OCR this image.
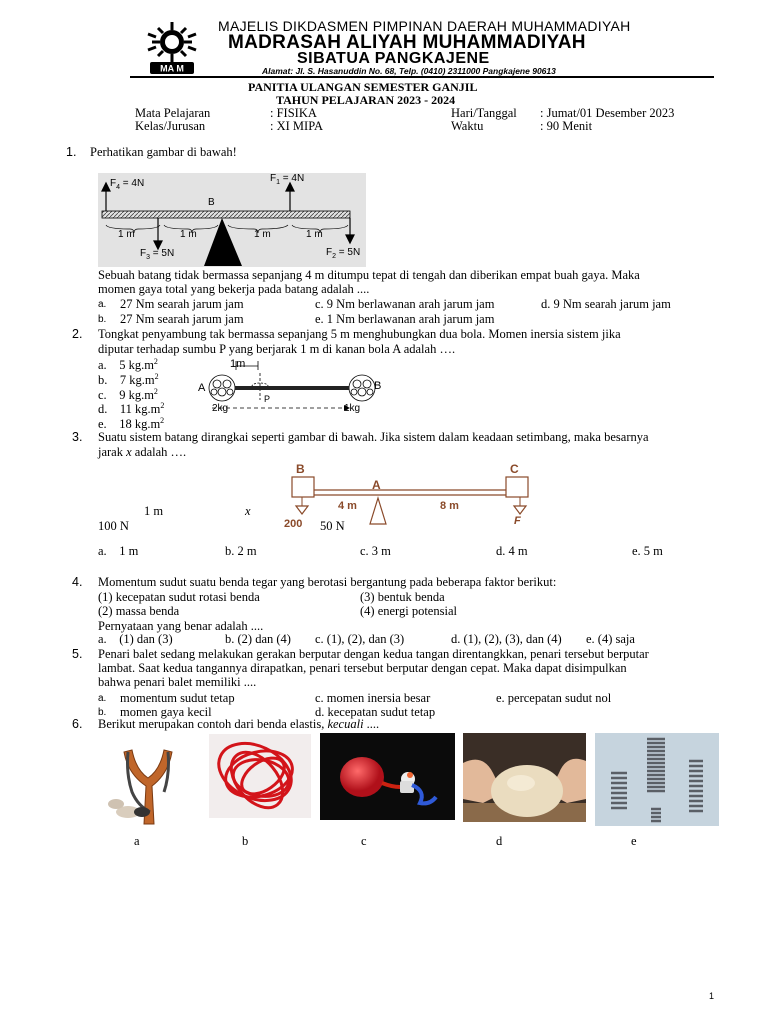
MA M
MAJELIS DIKDASMEN PIMPINAN DAERAH MUHAMMADIYAH
MADRASAH ALIYAH MUHAMMADIYAH
SIBATUA PANGKAJENE
Alamat: Jl. S. Hasanuddin No. 68, Telp. (0410) 2311000 Pangkajene 90613
PANITIA ULANGAN SEMESTER GANJIL
TAHUN PELAJARAN 2023 - 2024
Mata Pelajaran	: FISIKA
Kelas/Jurusan	: XI MIPA
Hari/Tanggal : Jumat/01 Desember 2023
Waktu	: 90 Menit
1. Perhatikan gambar di bawah!
$F_4 = 4N$	$F_1 = 4N$
B
1 m	1 m	1 m	1 m
$F_3 = 5N$	$F_2 = 5N$
Sebuah batang tidak bermassa sepanjang 4 m ditumpu tepat di tengah dan diberikan empat buah gaya. Maka
momen gaya total yang bekerja pada batang adalah ....
a. 27 Nm searah jarum jam
b. 27 Nm searah jarum jam
c. 9 Nm berlawanan arah jarum jam	d. 9 Nm searah jarum jam
e. 1 Nm berlawanan arah jarum jam
2. Tongkat penyambung tak bermassa sepanjang 5 m menghubungkan dua bola. Momen inersia sistem jika
diputar terhadap sumbu P yang berjarak 1 m di kanan bola A adalah ….
a. 5 $kg.m^2$
b. 7 $kg.m^2$
c. 9 $kg.m^2$
d. 11 $kg.m^2$
e. 18 $kg.m^2$
1m
A	B
P
2kg	1kg
3. Suatu sistem batang dirangkai seperti gambar di bawah. Jika sistem dalam keadaan setimbang, maka besarnya
jarak x adalah ….
B
A
C
4 m	8 m
200	F
1 m	x
100 N	50 N
a. 1 m	b. 2 m	c. 3 m	d. 4 m	e. 5 m
4. Momentum sudut suatu benda tegar yang berotasi bergantung pada beberapa faktor berikut:
(1) kecepatan sudut rotasi benda
(2) massa benda
(3) bentuk benda
(4) energi potensial
Pernyataan yang benar adalah ....
a. (1) dan (3)	b. (2) dan (4) c. (1), (2), dan (3)	d. (1), (2), (3), dan (4) e. (4) saja
5. Penari balet sedang melakukan gerakan berputar dengan kedua tangan direntangkkan, penari tersebut berputar
lambat. Saat kedua tangannya dirapatkan, penari tersebut berputar dengan cepat. Maka dapat disimpulkan
bahwa penari balet memiliki ....
a. momentum sudut tetap
b. momen gaya kecil
c. momen inersia besar
d. kecepatan sudut tetap
e. percepatan sudut nol
6. Berikut merupakan contoh dari benda elastis, kecuali ....
a	b	c	d	e
1
